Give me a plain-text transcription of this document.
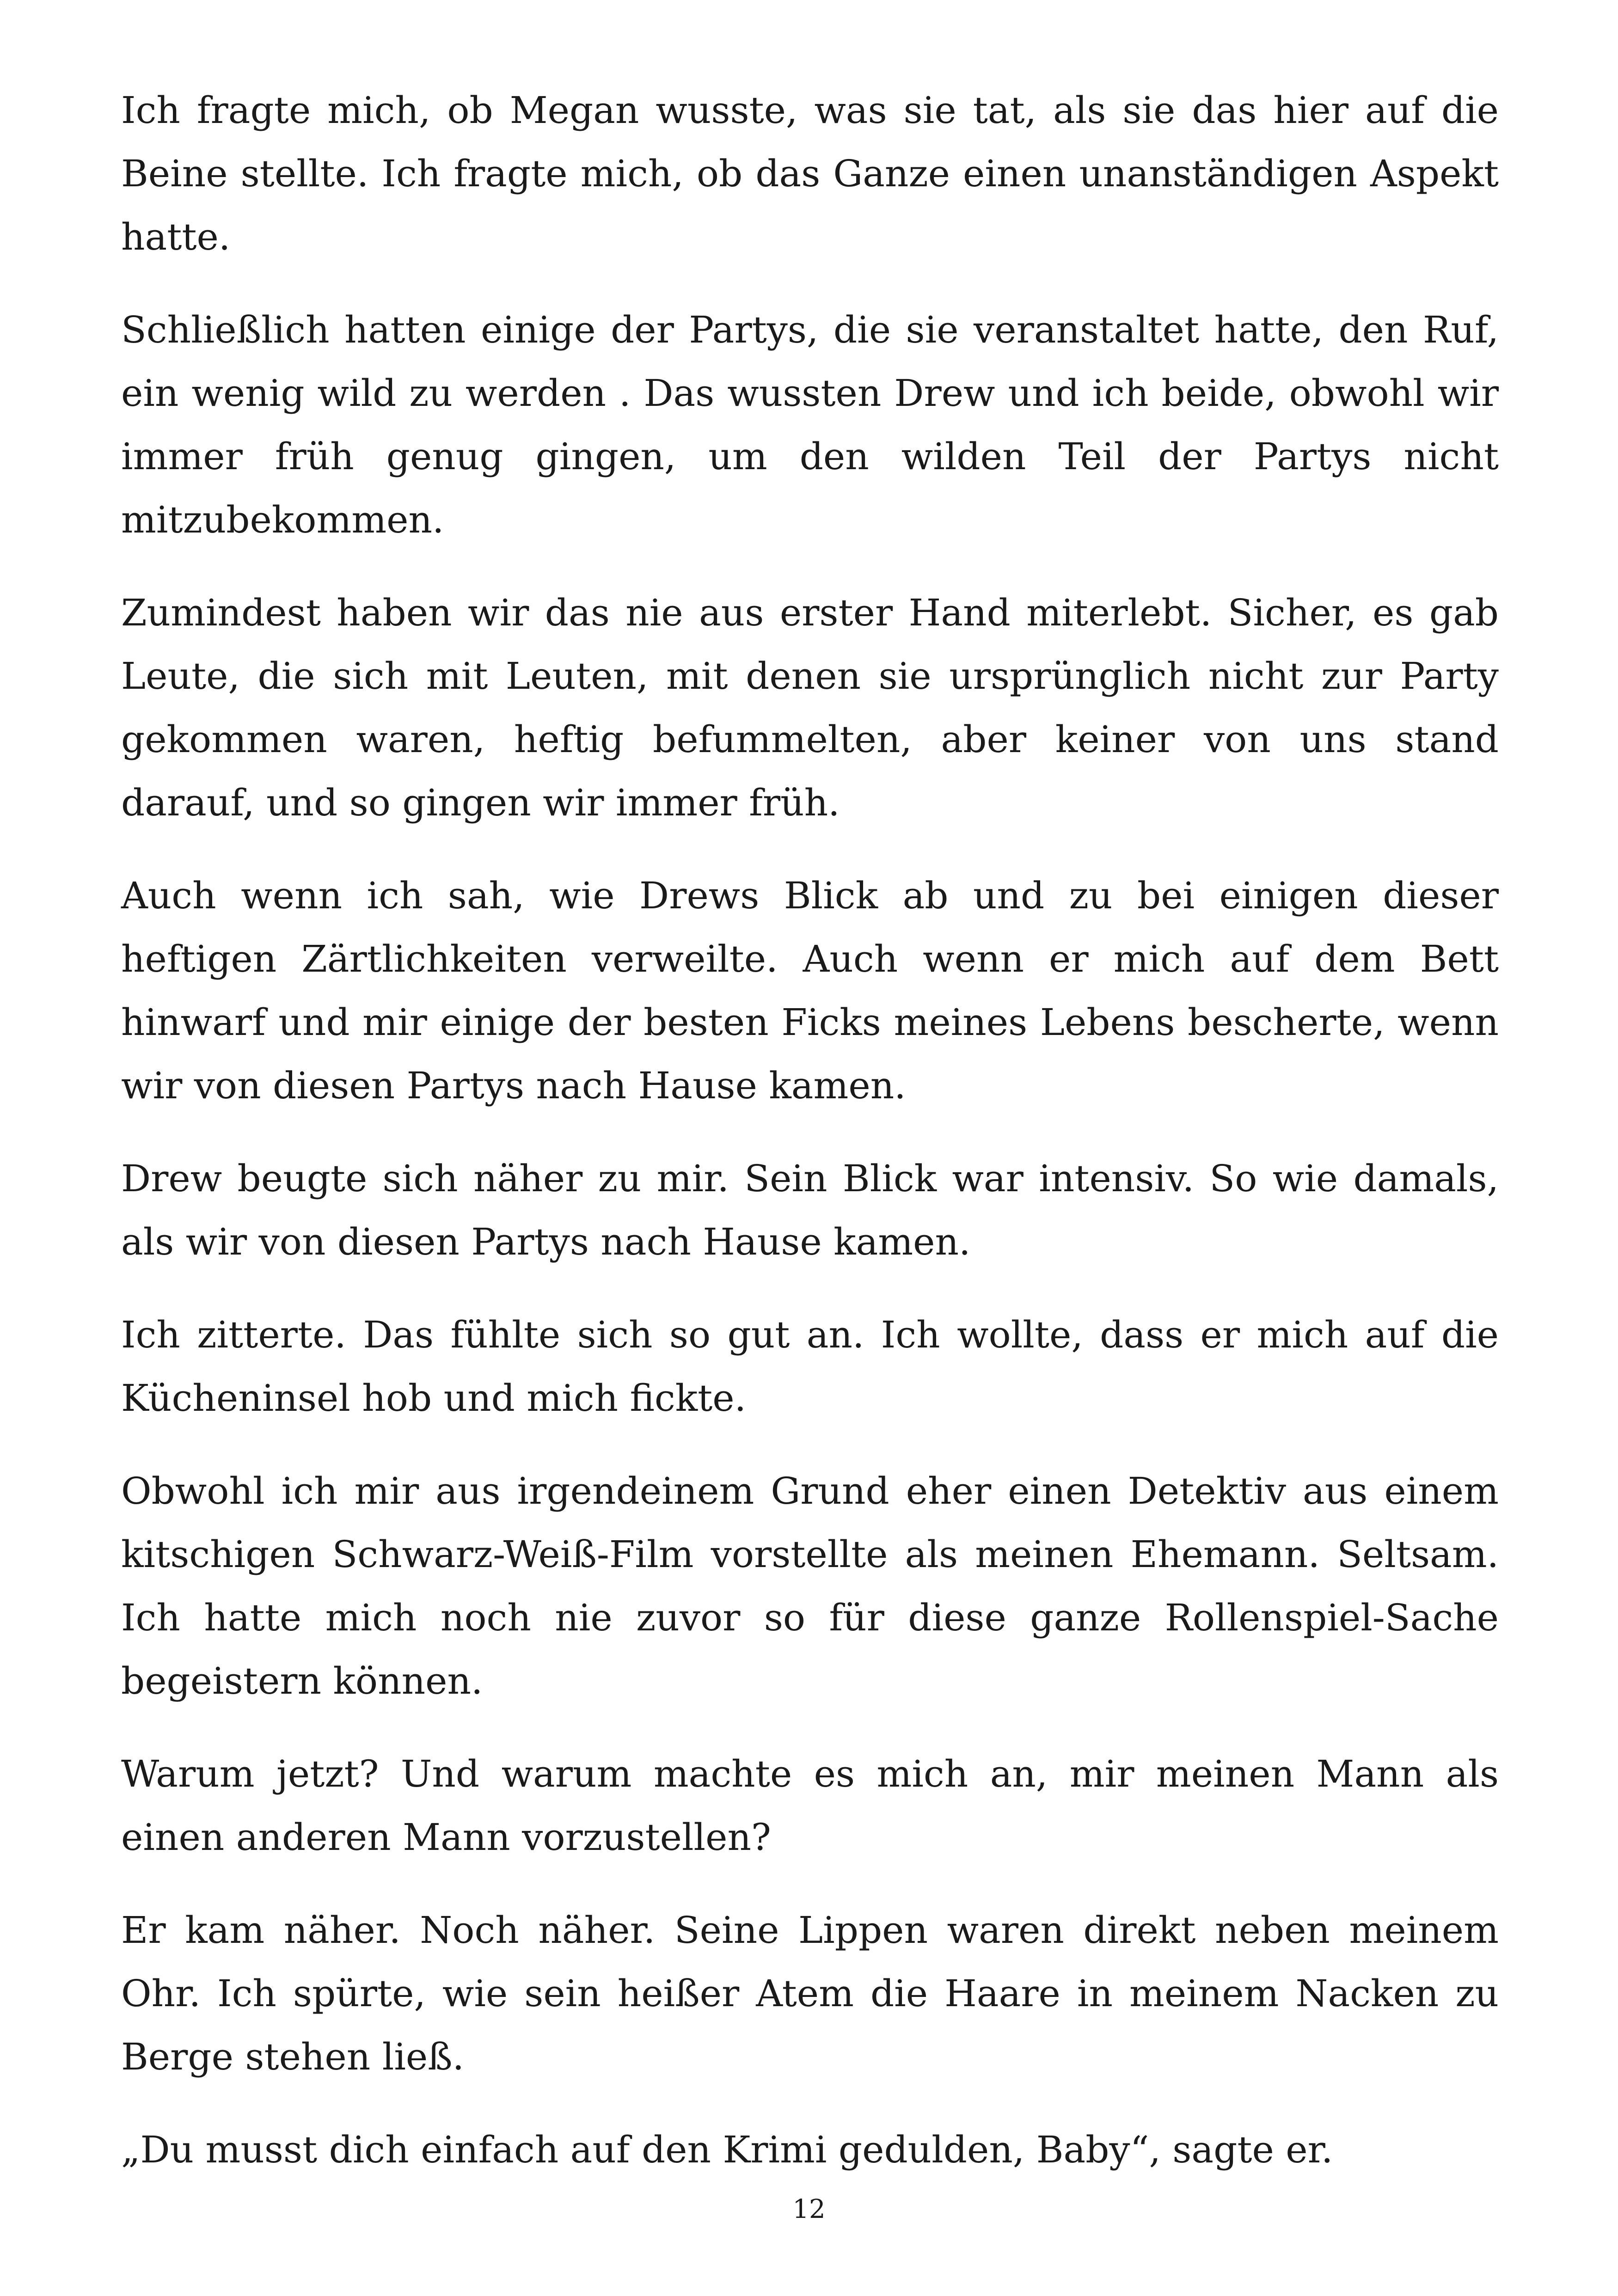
Ich fragte mich, ob Megan wusste, was sie tat, als sie das hier auf die Beine stellte. Ich fragte mich, ob das Ganze einen unanständigen Aspekt hatte.

Schließlich hatten einige der Partys, die sie veranstaltet hatte, den Ruf, ein wenig wild zu werden . Das wussten Drew und ich beide, obwohl wir immer früh genug gingen, um den wilden Teil der Partys nicht mitzubekommen.

Zumindest haben wir das nie aus erster Hand miterlebt. Sicher, es gab Leute, die sich mit Leuten, mit denen sie ursprünglich nicht zur Party gekommen waren, heftig befummelten, aber keiner von uns stand darauf, und so gingen wir immer früh.

Auch wenn ich sah, wie Drews Blick ab und zu bei einigen dieser heftigen Zärtlichkeiten verweilte. Auch wenn er mich auf dem Bett hinwarf und mir einige der besten Ficks meines Lebens bescherte, wenn wir von diesen Partys nach Hause kamen.

Drew beugte sich näher zu mir. Sein Blick war intensiv. So wie damals, als wir von diesen Partys nach Hause kamen.

Ich zitterte. Das fühlte sich so gut an. Ich wollte, dass er mich auf die Kücheninsel hob und mich fickte.

Obwohl ich mir aus irgendeinem Grund eher einen Detektiv aus einem kitschigen Schwarz-Weiß-Film vorstellte als meinen Ehemann. Seltsam. Ich hatte mich noch nie zuvor so für diese ganze Rollenspiel-Sache begeistern können.

Warum jetzt? Und warum machte es mich an, mir meinen Mann als einen anderen Mann vorzustellen?

Er kam näher. Noch näher. Seine Lippen waren direkt neben meinem Ohr. Ich spürte, wie sein heißer Atem die Haare in meinem Nacken zu Berge stehen ließ.

„Du musst dich einfach auf den Krimi gedulden, Baby“, sagte er.

12
